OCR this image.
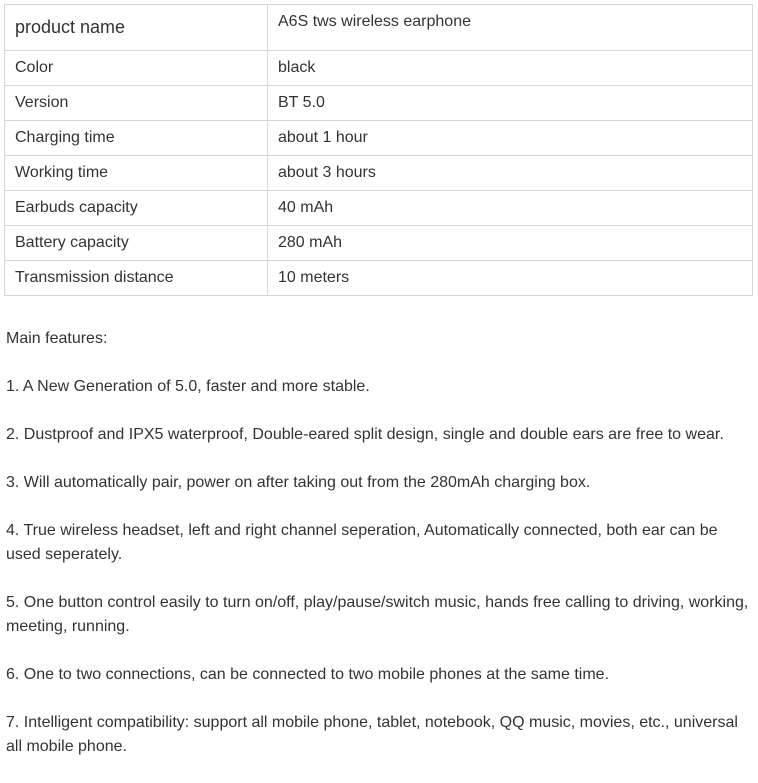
product name	A6S tws wireless earphone
Color	black
Version	BT 5.0
Charging time	about 1 hour
Working time	about 3 hours
Earbuds capacity	40 mAh
Battery capacity	280 mAh
Transmission distance	10 meters

Main features:

1. A New Generation of 5.0, faster and more stable.

2. Dustproof and IPX5 waterproof, Double-eared split design, single and double ears are free to wear.

3. Will automatically pair, power on after taking out from the 280mAh charging box.

4. True wireless headset, left and right channel seperation, Automatically connected, both ear can be used seperately.

5. One button control easily to turn on/off, play/pause/switch music, hands free calling to driving, working, meeting, running.

6. One to two connections, can be connected to two mobile phones at the same time.

7. Intelligent compatibility: support all mobile phone, tablet, notebook, QQ music, movies, etc., universal all mobile phone.
